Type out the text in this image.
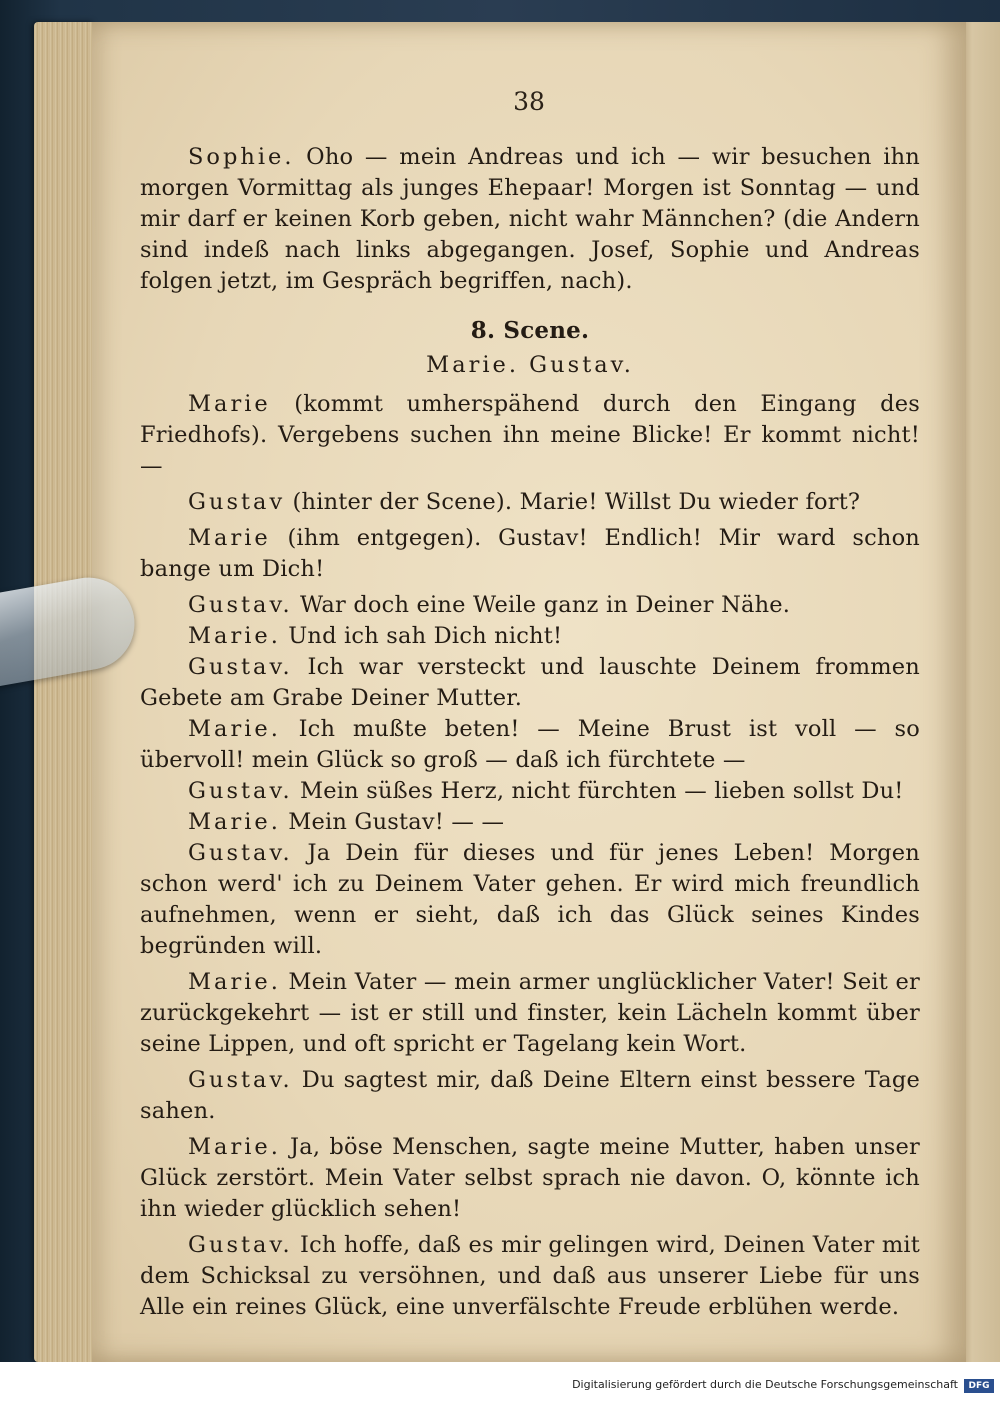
38

Sophie. Oho — mein Andreas und ich — wir besuchen ihn morgen Vormittag als junges Ehepaar! Morgen ist Sonntag — und mir darf er keinen Korb geben, nicht wahr Männchen? (die Andern sind indeß nach links abgegangen. Josef, Sophie und Andreas folgen jetzt, im Gespräch begriffen, nach).

8. Scene.

Marie. Gustav.

Marie (kommt umherspähend durch den Eingang des Friedhofs). Vergebens suchen ihn meine Blicke! Er kommt nicht! —

Gustav (hinter der Scene). Marie! Willst Du wieder fort?

Marie (ihm entgegen). Gustav! Endlich! Mir ward schon bange um Dich!

Gustav. War doch eine Weile ganz in Deiner Nähe.

Marie. Und ich sah Dich nicht!

Gustav. Ich war versteckt und lauschte Deinem frommen Gebete am Grabe Deiner Mutter.

Marie. Ich mußte beten! — Meine Brust ist voll — so übervoll! mein Glück so groß — daß ich fürchtete —

Gustav. Mein süßes Herz, nicht fürchten — lieben sollst Du!

Marie. Mein Gustav! — —

Gustav. Ja Dein für dieses und für jenes Leben! Morgen schon werd' ich zu Deinem Vater gehen. Er wird mich freundlich aufnehmen, wenn er sieht, daß ich das Glück seines Kindes begründen will.

Marie. Mein Vater — mein armer unglücklicher Vater! Seit er zurückgekehrt — ist er still und finster, kein Lächeln kommt über seine Lippen, und oft spricht er Tagelang kein Wort.

Gustav. Du sagtest mir, daß Deine Eltern einst bessere Tage sahen.

Marie. Ja, böse Menschen, sagte meine Mutter, haben unser Glück zerstört. Mein Vater selbst sprach nie davon. O, könnte ich ihn wieder glücklich sehen!

Gustav. Ich hoffe, daß es mir gelingen wird, Deinen Vater mit dem Schicksal zu versöhnen, und daß aus unserer Liebe für uns Alle ein reines Glück, eine unverfälschte Freude erblühen werde.

Digitalisierung gefördert durch die Deutsche Forschungsgemeinschaft	DFG
